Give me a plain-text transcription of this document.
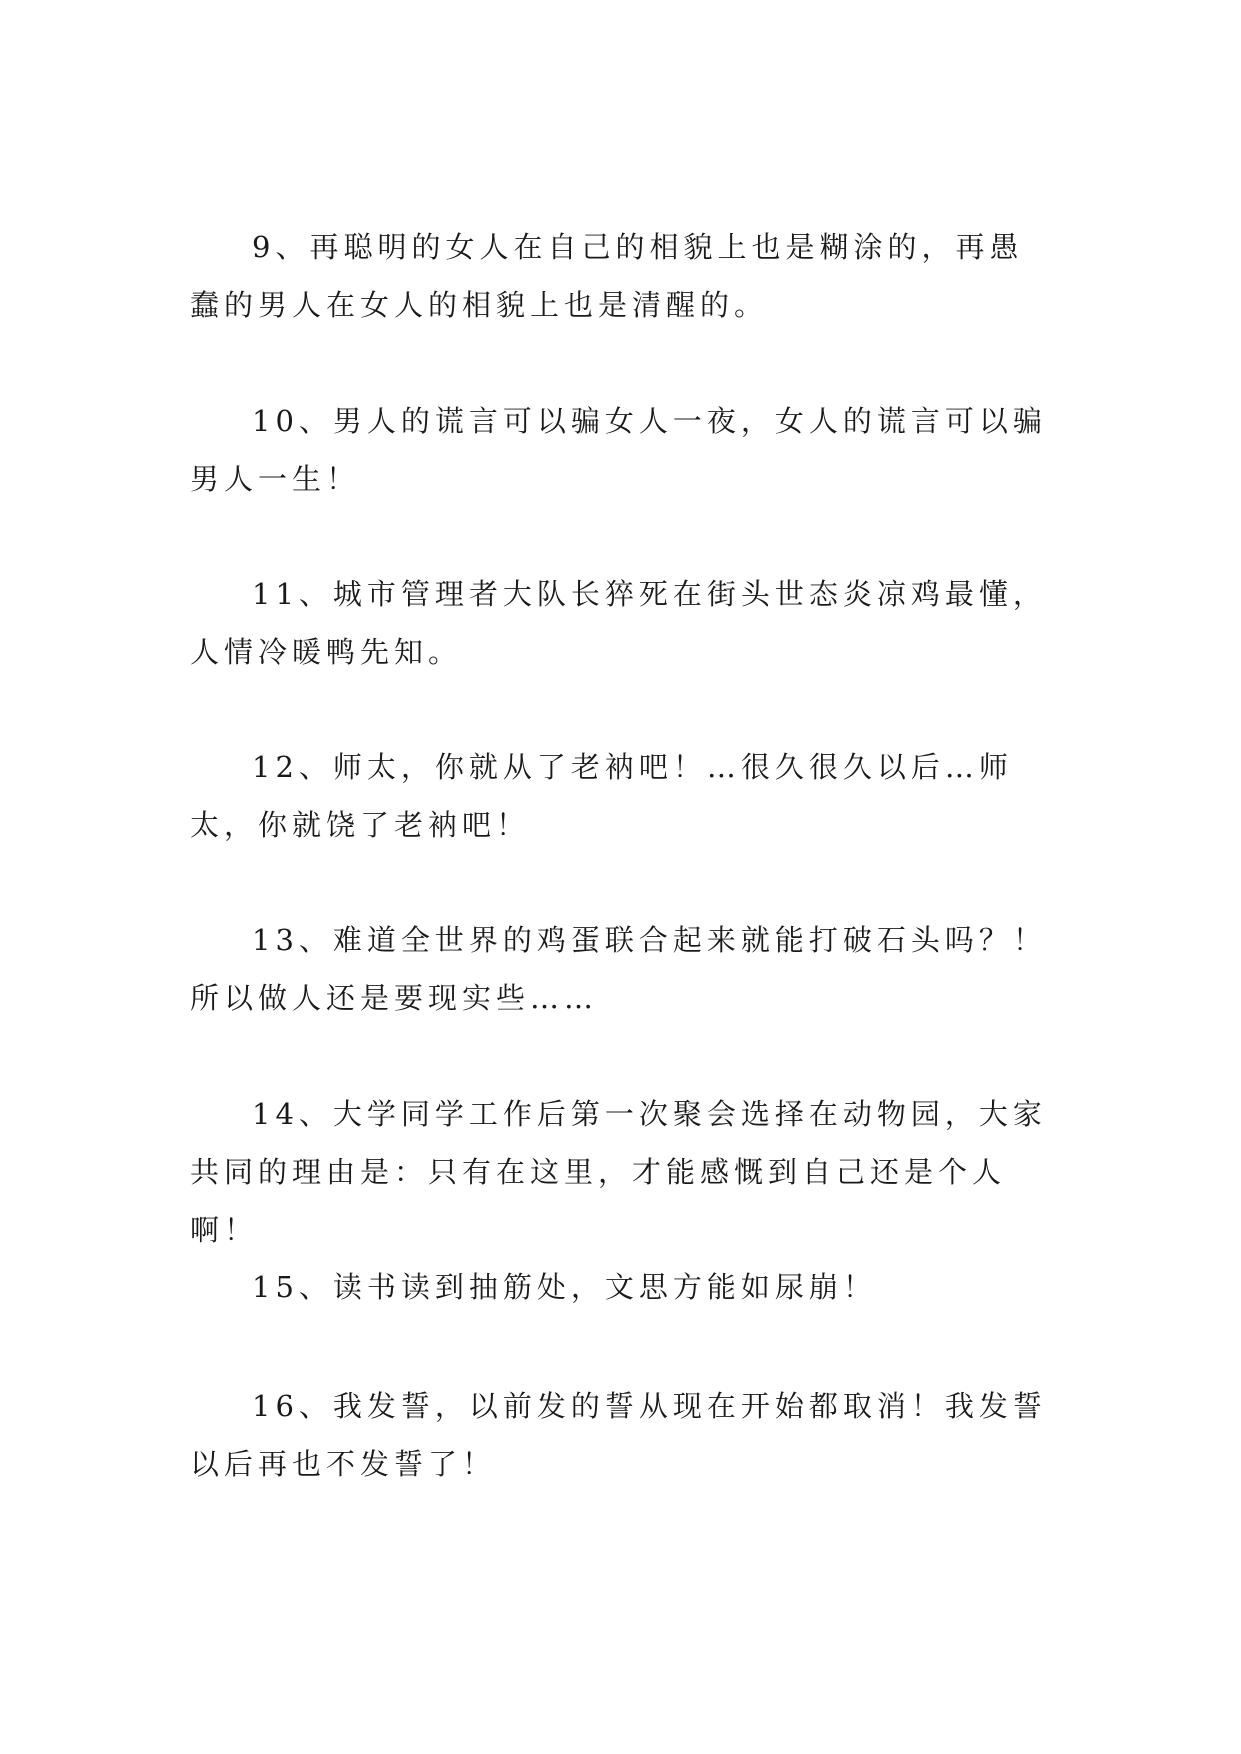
9、再聪明的女人在自己的相貌上也是糊涂的，再愚蠢的男人在女人的相貌上也是清醒的。

10、男人的谎言可以骗女人一夜，女人的谎言可以骗男人一生！

11、城市管理者大队长猝死在街头世态炎凉鸡最懂，人情冷暖鸭先知。

12、师太，你就从了老衲吧！…很久很久以后…师太，你就饶了老衲吧！

13、难道全世界的鸡蛋联合起来就能打破石头吗？！所以做人还是要现实些……

14、大学同学工作后第一次聚会选择在动物园，大家共同的理由是：只有在这里，才能感慨到自己还是个人啊！

15、读书读到抽筋处，文思方能如尿崩！

16、我发誓，以前发的誓从现在开始都取消！我发誓以后再也不发誓了！
